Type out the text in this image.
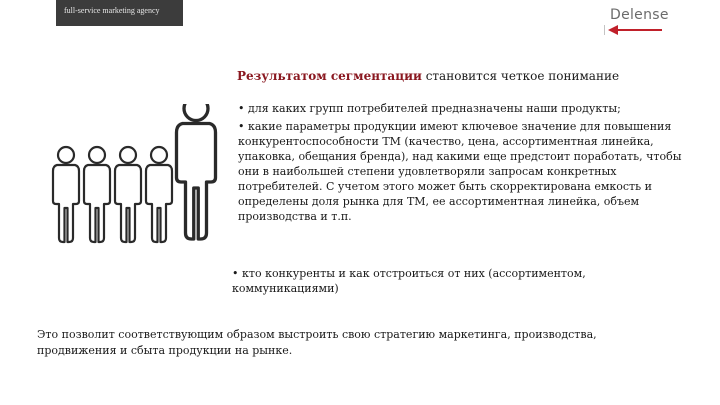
full-service marketing agency	Delense
Результатом сегментации становится четкое понимание
• для каких групп потребителей предназначены наши продукты;
• какие параметры продукции имеют ключевое значение для повышения конкурентоспособности ТМ (качество, цена, ассортиментная линейка, упаковка, обещания бренда), над какими еще предстоит поработать, чтобы они в наибольшей степени удовлетворяли запросам конкретных потребителей. С учетом этого может быть скорректирована емкость и определены доля рынка для ТМ, ее ассортиментная линейка, объем производства и т.п.
• кто конкуренты и как отстроиться от них (ассортиментом, коммуникациями)
Это позволит соответствующим образом выстроить свою стратегию маркетинга, производства, продвижения и сбыта продукции на рынке.
